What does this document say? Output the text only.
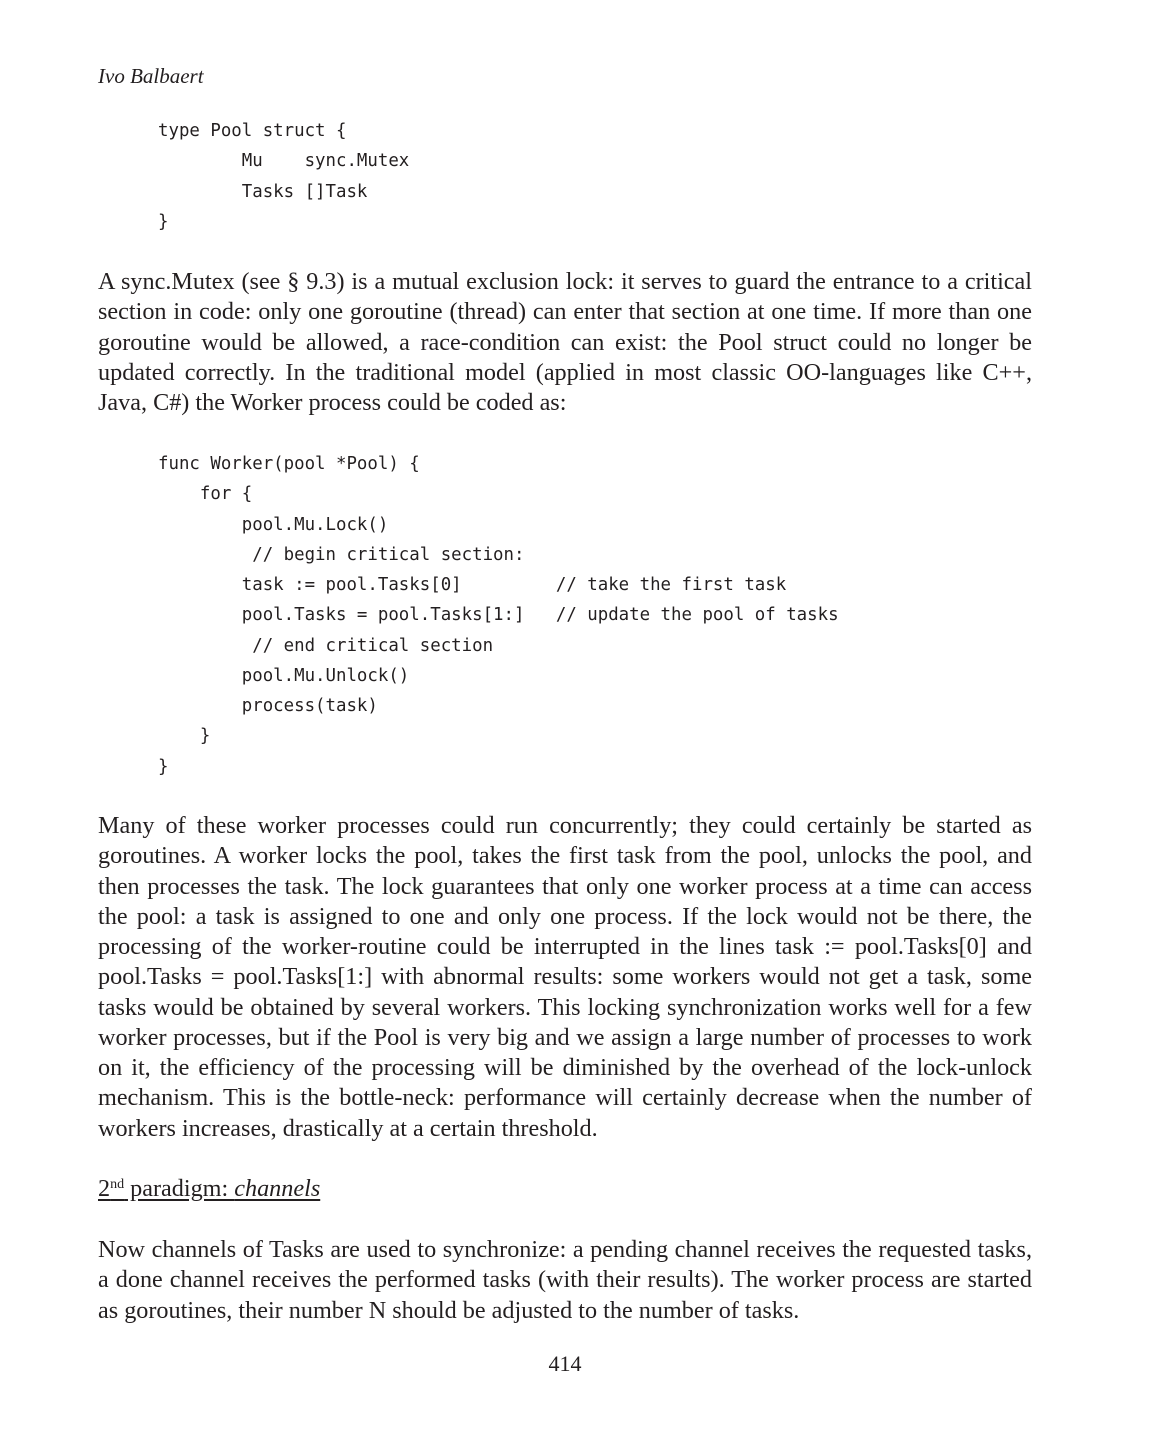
Ivo Balbaert
type Pool struct {
Mu    sync.Mutex
Tasks []Task
}

A sync.Mutex (see § 9.3) is a mutual exclusion lock: it serves to guard the entrance to a critical section in code: only one goroutine (thread) can enter that section at one time. If more than one goroutine would be allowed, a race-condition can exist: the Pool struct could no longer be updated correctly. In the traditional model (applied in most classic OO-languages like C++, Java, C#) the Worker process could be coded as:

func Worker(pool *Pool) {
for {
pool.Mu.Lock()
// begin critical section:
task := pool.Tasks[0]         // take the first task
pool.Tasks = pool.Tasks[1:]   // update the pool of tasks
// end critical section
pool.Mu.Unlock()
process(task)
}
}

Many of these worker processes could run concurrently; they could certainly be started as goroutines. A worker locks the pool, takes the first task from the pool, unlocks the pool, and then processes the task. The lock guarantees that only one worker process at a time can access the pool: a task is assigned to one and only one process. If the lock would not be there, the processing of the worker-routine could be interrupted in the lines task := pool.Tasks[0] and pool.Tasks = pool.Tasks[1:] with abnormal results: some workers would not get a task, some tasks would be obtained by several workers. This locking synchronization works well for a few worker processes, but if the Pool is very big and we assign a large number of processes to work on it, the efficiency of the processing will be diminished by the overhead of the lock-unlock mechanism. This is the bottle-neck: performance will certainly decrease when the number of workers increases, drastically at a certain threshold.

2nd paradigm: channels

Now channels of Tasks are used to synchronize: a pending channel receives the requested tasks, a done channel receives the performed tasks (with their results). The worker process are started as goroutines, their number N should be adjusted to the number of tasks.

414
